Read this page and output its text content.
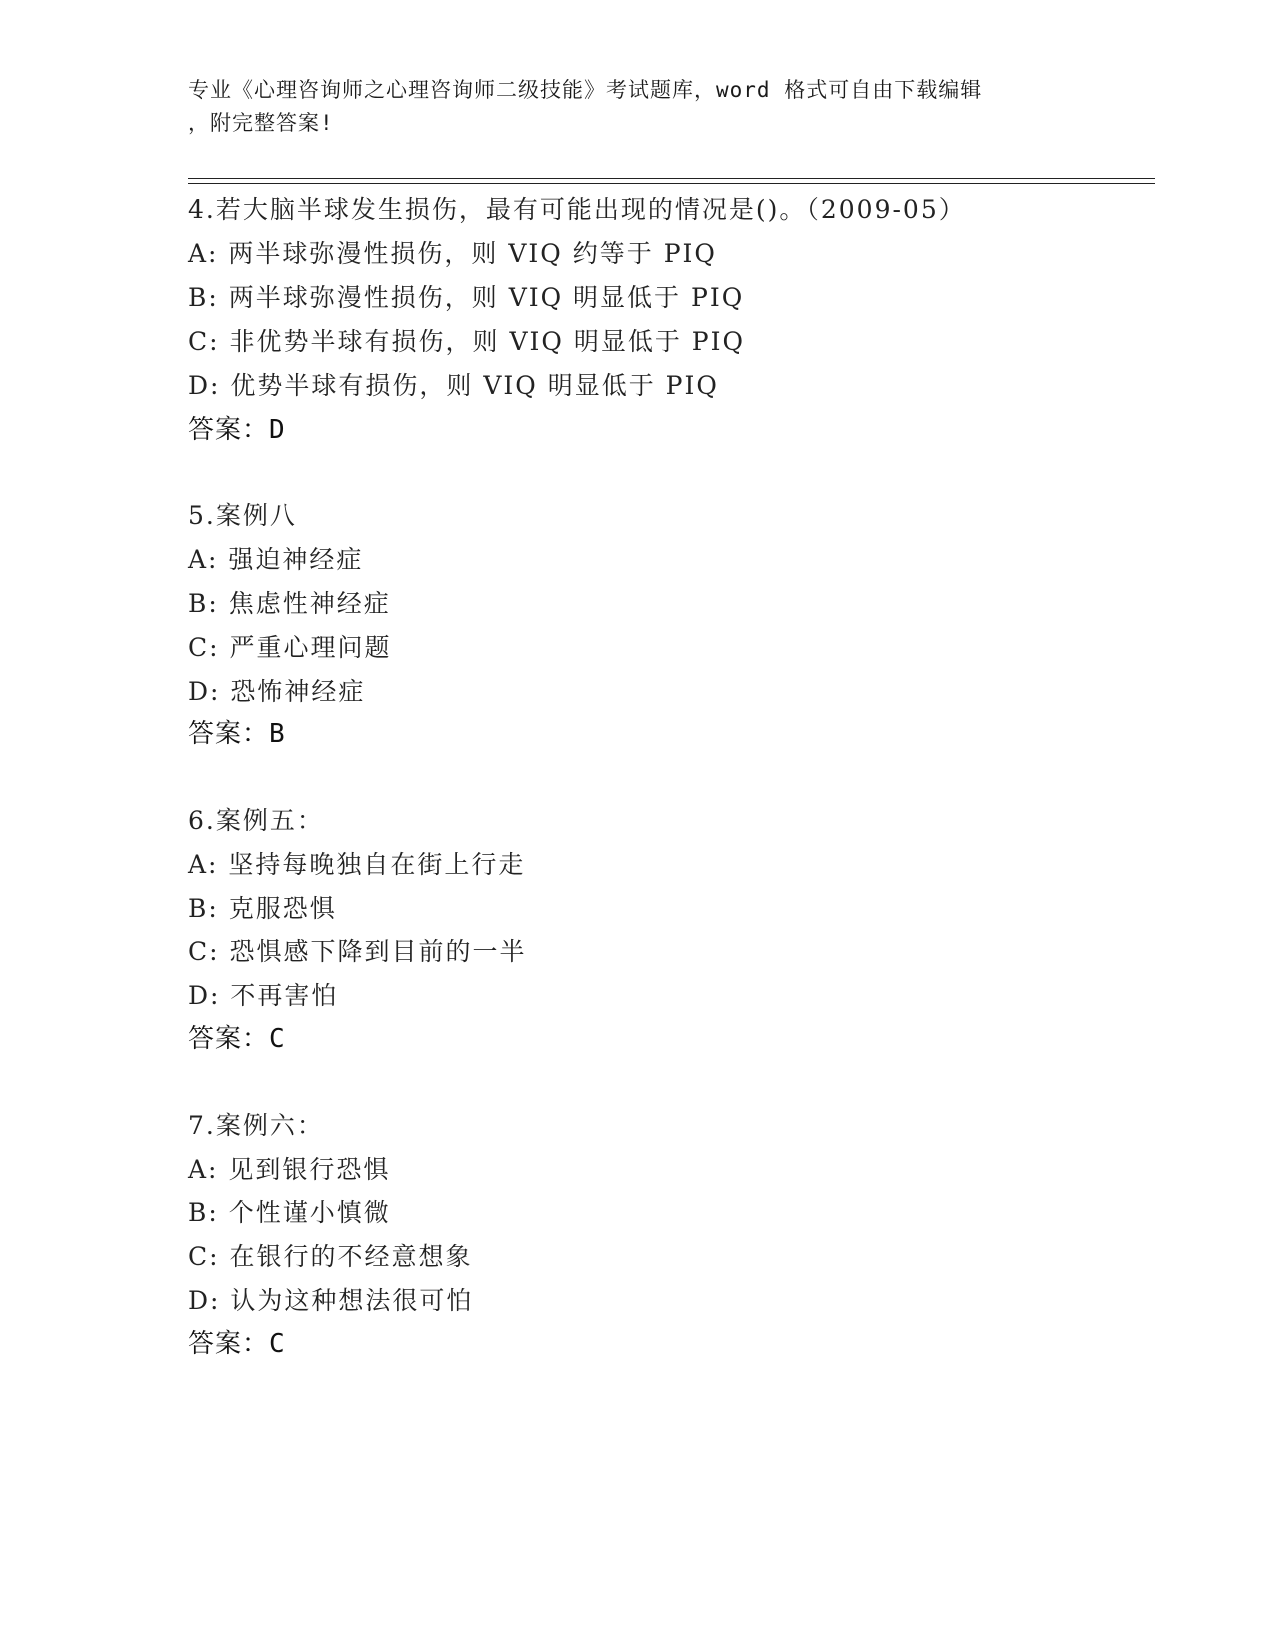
专业《心理咨询师之心理咨询师二级技能》考试题库，word 格式可自由下载编辑
，附完整答案!
4.若大脑半球发生损伤，最有可能出现的情况是()。（2009-05）
A: 两半球弥漫性损伤，则 VIQ 约等于 PIQ
B: 两半球弥漫性损伤，则 VIQ 明显低于 PIQ
C: 非优势半球有损伤，则 VIQ 明显低于 PIQ
D: 优势半球有损伤，则 VIQ 明显低于 PIQ
答案：D
5.案例八
A: 强迫神经症
B: 焦虑性神经症
C: 严重心理问题
D: 恐怖神经症
答案：B
6.案例五：
A: 坚持每晚独自在街上行走
B: 克服恐惧
C: 恐惧感下降到目前的一半
D: 不再害怕
答案：C
7.案例六：
A: 见到银行恐惧
B: 个性谨小慎微
C: 在银行的不经意想象
D: 认为这种想法很可怕
答案：C
